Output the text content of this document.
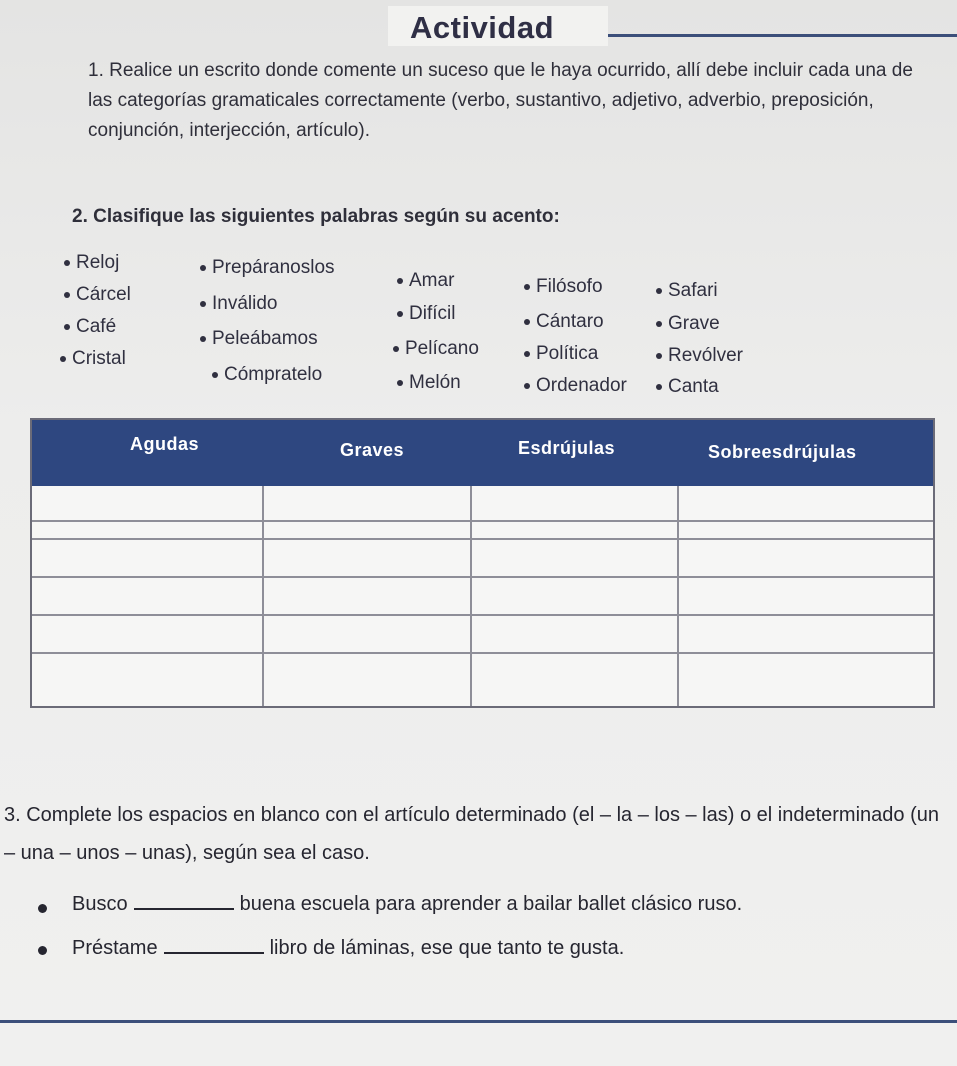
Actividad
1. Realice un escrito donde comente un suceso que le haya ocurrido, allí debe incluir cada una de las categorías gramaticales correctamente (verbo, sustantivo, adjetivo, adverbio, preposición, conjunción, interjección, artículo).
2. Clasifique las siguientes palabras según su acento:
Reloj
Cárcel
Café
Cristal
Prepáranoslos
Inválido
Peleábamos
Cómpratelo
Amar
Difícil
Pelícano
Melón
Filósofo
Cántaro
Política
Ordenador
Safari
Grave
Revólver
Canta
Agudas	Graves	Esdrújulas	Sobreesdrújulas
3. Complete los espacios en blanco con el artículo determinado (el – la – los – las) o el indeterminado (un – una – unos – unas), según sea el caso.
Busco	buena escuela para aprender a bailar ballet clásico ruso.
Préstame	libro de láminas, ese que tanto te gusta.
